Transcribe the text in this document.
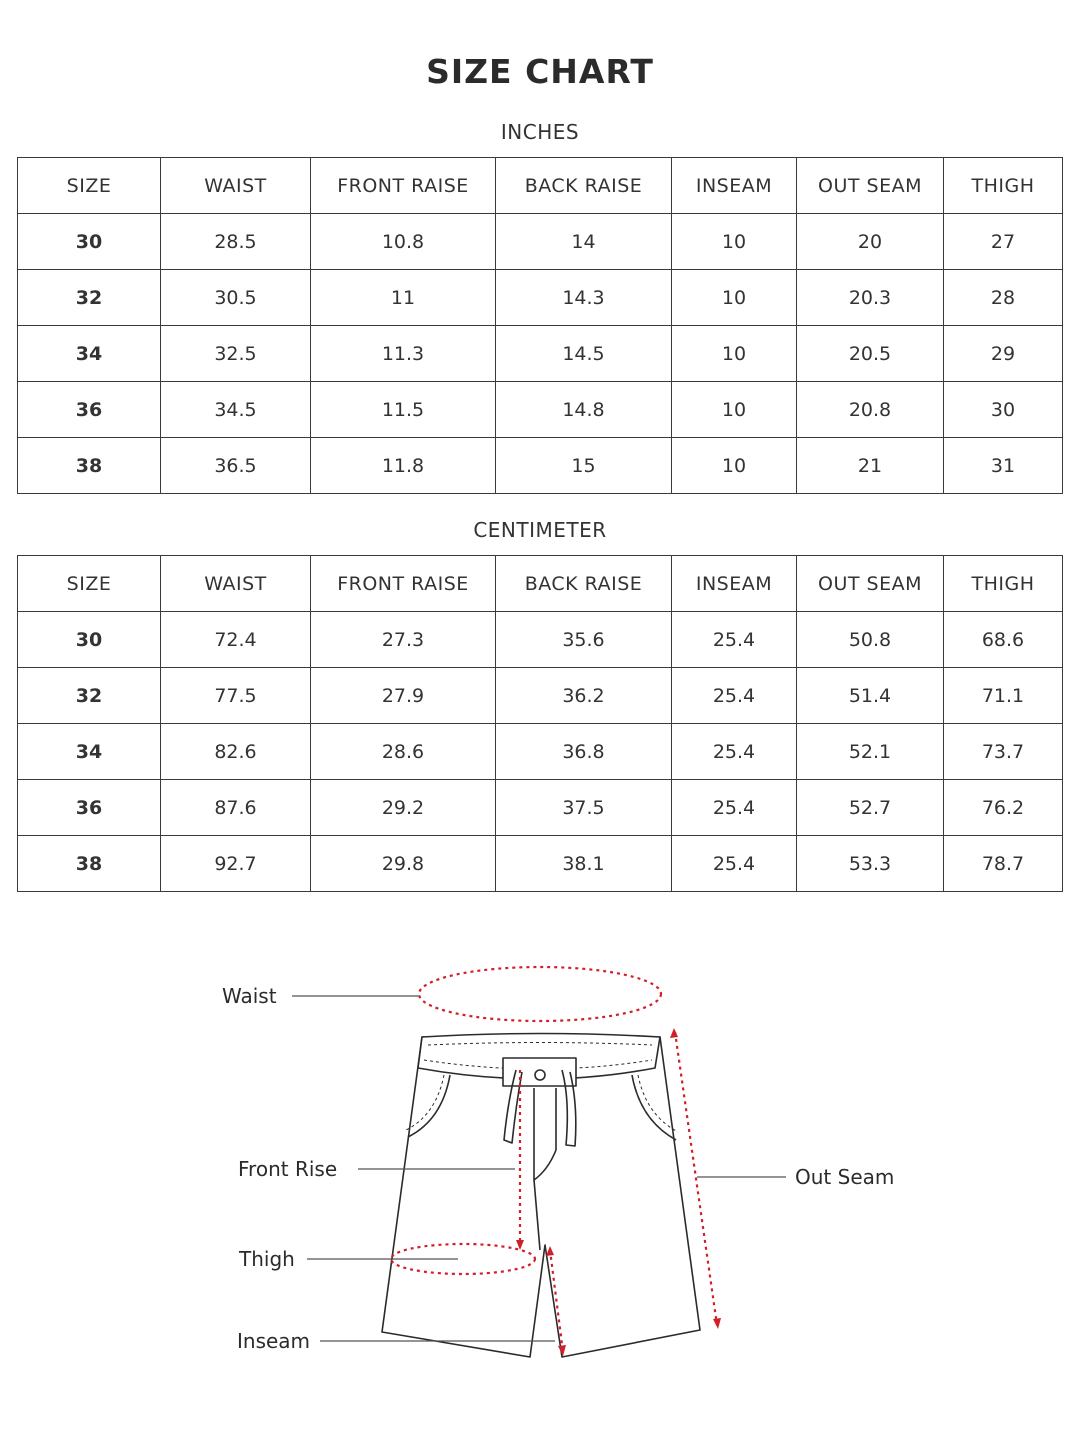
SIZE CHART
INCHES
SIZE	WAIST	FRONT RAISE	BACK RAISE	INSEAM	OUT SEAM	THIGH
30	28.5	10.8	14	10	20	27
32	30.5	11	14.3	10	20.3	28
34	32.5	11.3	14.5	10	20.5	29
36	34.5	11.5	14.8	10	20.8	30
38	36.5	11.8	15	10	21	31
CENTIMETER
SIZE	WAIST	FRONT RAISE	BACK RAISE	INSEAM	OUT SEAM	THIGH
30	72.4	27.3	35.6	25.4	50.8	68.6
32	77.5	27.9	36.2	25.4	51.4	71.1
34	82.6	28.6	36.8	25.4	52.1	73.7
36	87.6	29.2	37.5	25.4	52.7	76.2
38	92.7	29.8	38.1	25.4	53.3	78.7
Waist
Front Rise
Thigh
Inseam
Out Seam
